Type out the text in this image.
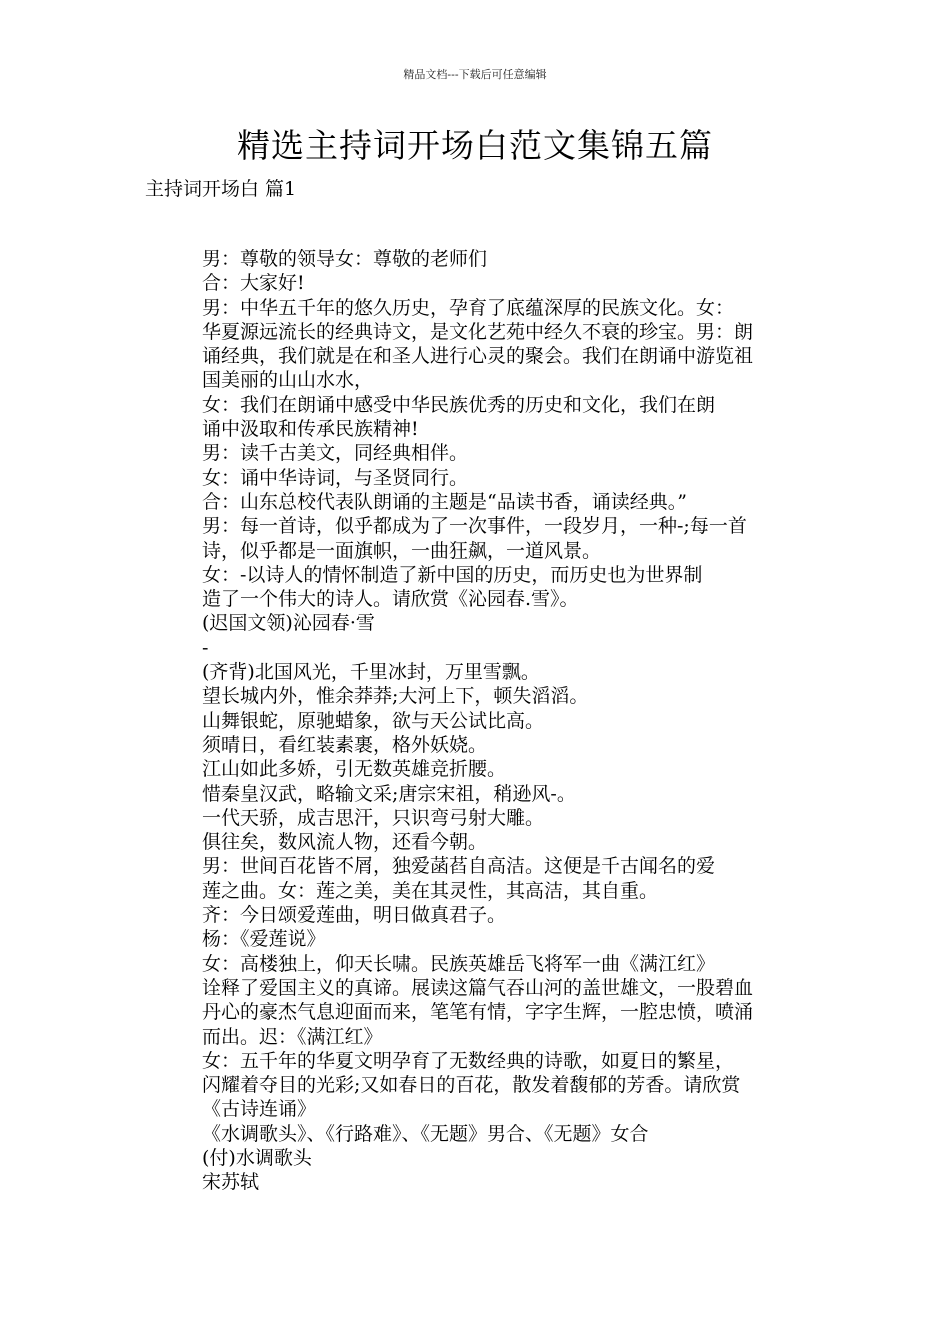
精品文档---下载后可任意编辑
精选主持词开场白范文集锦五篇
主持词开场白 篇1

男：尊敬的领导女：尊敬的老师们

合：大家好!

男：中华五千年的悠久历史，孕育了底蕴深厚的民族文化。女：
华夏源远流长的经典诗文，是文化艺苑中经久不衰的珍宝。男：朗
诵经典，我们就是在和圣人进行心灵的聚会。我们在朗诵中游览祖
国美丽的山山水水，

女：我们在朗诵中感受中华民族优秀的历史和文化，我们在朗
诵中汲取和传承民族精神!

男：读千古美文，同经典相伴。

女：诵中华诗词，与圣贤同行。

合：山东总校代表队朗诵的主题是“品读书香，诵读经典。”
男：每一首诗，似乎都成为了一次事件，一段岁月，一种-;每一首
诗，似乎都是一面旗帜，一曲狂飙，一道风景。

女：-以诗人的情怀制造了新中国的历史，而历史也为世界制
造了一个伟大的诗人。请欣赏《沁园春.雪》。

(迟国文领)沁园春·雪

-

(齐背)北国风光，千里冰封，万里雪飘。

望长城内外，惟余莽莽;大河上下，顿失滔滔。

山舞银蛇，原驰蜡象，欲与天公试比高。

须晴日，看红装素裹，格外妖娆。

江山如此多娇，引无数英雄竞折腰。

惜秦皇汉武，略输文采;唐宗宋祖，稍逊风-。

一代天骄，成吉思汗，只识弯弓射大雕。

俱往矣，数风流人物，还看今朝。

男：世间百花皆不屑，独爱菡萏自高洁。这便是千古闻名的爱
莲之曲。女：莲之美，美在其灵性，其高洁，其自重。

齐：今日颂爱莲曲，明日做真君子。

杨：《爱莲说》

女：高楼独上，仰天长啸。民族英雄岳飞将军一曲《满江红》
诠释了爱国主义的真谛。展读这篇气吞山河的盖世雄文，一股碧血
丹心的豪杰气息迎面而来，笔笔有情，字字生辉，一腔忠愤，喷涌
而出。迟：《满江红》

女：五千年的华夏文明孕育了无数经典的诗歌，如夏日的繁星，
闪耀着夺目的光彩;又如春日的百花，散发着馥郁的芳香。请欣赏
《古诗连诵》

《水调歌头》、《行路难》、《无题》男合、《无题》女合

(付)水调歌头

宋苏轼
